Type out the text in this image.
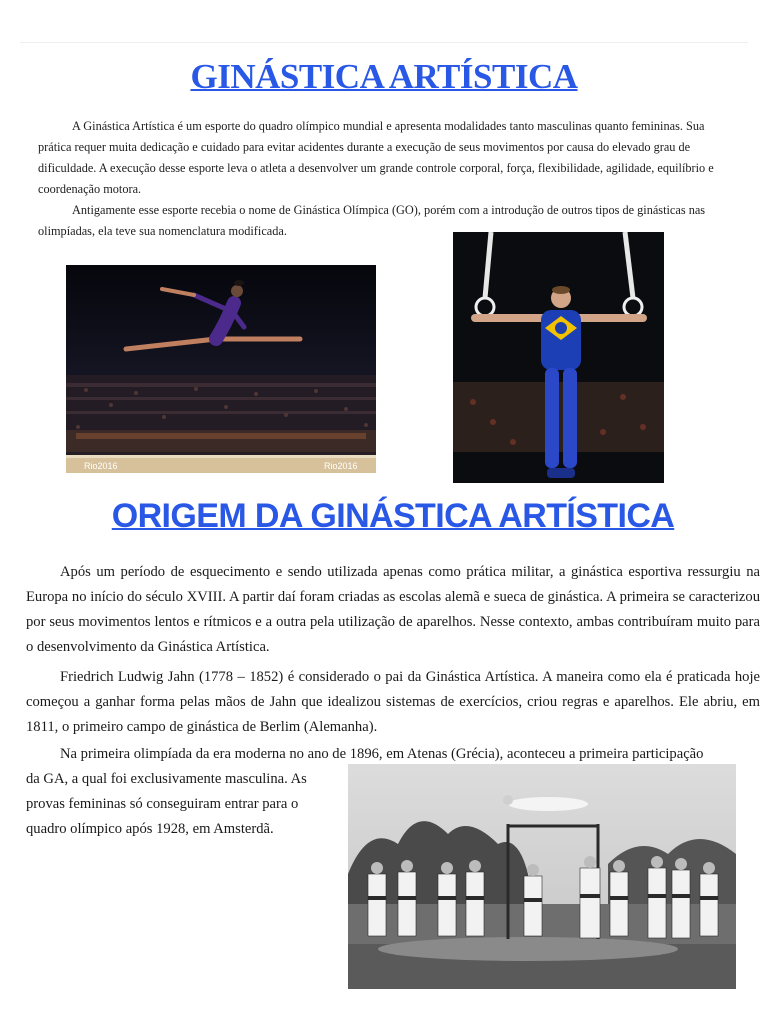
GINÁSTICA ARTÍSTICA

A Ginástica Artística é um esporte do quadro olímpico mundial e apresenta modalidades tanto masculinas quanto femininas. Sua prática requer muita dedicação e cuidado para evitar acidentes durante a execução de seus movimentos por causa do elevado grau de dificuldade. A execução desse esporte leva o atleta a desenvolver um grande controle corporal, força, flexibilidade, agilidade, equilíbrio e coordenação motora.

Antigamente esse esporte recebia o nome de Ginástica Olímpica (GO), porém com a introdução de outros tipos de ginásticas nas olimpíadas, ela teve sua nomenclatura modificada.

Rio2016	Rio2016
ORIGEM DA GINÁSTICA ARTÍSTICA

Após um período de esquecimento e sendo utilizada apenas como prática militar, a ginástica esportiva ressurgiu na Europa no início do século XVIII. A partir daí foram criadas as escolas alemã e sueca de ginástica. A primeira se caracterizou por seus movimentos lentos e rítmicos e a outra pela utilização de aparelhos. Nesse contexto, ambas contribuíram muito para o desenvolvimento da Ginástica Artística.

Friedrich Ludwig Jahn (1778 – 1852) é considerado o pai da Ginástica Artística. A maneira como ela é praticada hoje começou a ganhar forma pelas mãos de Jahn que idealizou sistemas de exercícios, criou regras e aparelhos. Ele abriu, em 1811, o primeiro campo de ginástica de Berlim (Alemanha).

Na primeira olimpíada da era moderna no ano de 1896, em Atenas (Grécia), aconteceu a primeira participação

da GA, a qual foi exclusivamente masculina. As provas femininas só conseguiram entrar para o quadro olímpico após 1928, em Amsterdã.
